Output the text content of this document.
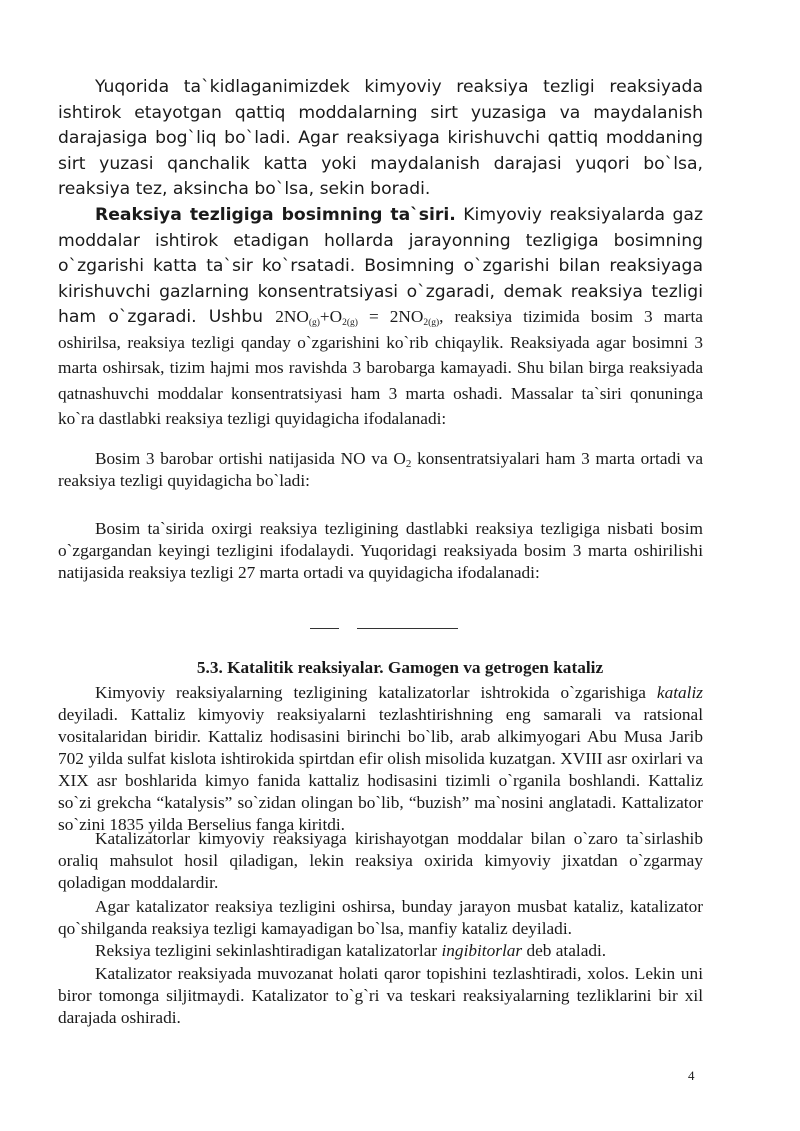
Yuqorida ta`kidlaganimizdek kimyoviy reaksiya tezligi reaksiyada ishtirok etayotgan qattiq moddalarning sirt yuzasiga va maydalanish darajasiga bog`liq bo`ladi. Agar reaksiyaga kirishuvchi qattiq moddaning sirt yuzasi qanchalik katta yoki maydalanish darajasi yuqori bo`lsa, reaksiya tez, aksincha bo`lsa, sekin boradi.

Reaksiya tezligiga bosimning ta`siri. Kimyoviy reaksiyalarda gaz moddalar ishtirok etadigan hollarda jarayonning tezligiga bosimning o`zgarishi katta ta`sir ko`rsatadi. Bosimning o`zgarishi bilan reaksiyaga kirishuvchi gazlarning konsentratsiyasi o`zgaradi, demak reaksiya tezligi ham o`zgaradi. Ushbu $2NO_{(g)}+O_{2(g)} = 2NO_{2(g)}$, reaksiya tizimida bosim 3 marta oshirilsa, reaksiya tezligi qanday o`zgarishini ko`rib chiqaylik. Reaksiyada agar bosimni 3 marta oshirsak, tizim hajmi mos ravishda 3 barobarga kamayadi. Shu bilan birga reaksiyada qatnashuvchi moddalar konsentratsiyasi ham 3 marta oshadi. Massalar ta`siri qonuninga ko`ra dastlabki reaksiya tezligi quyidagicha ifodalanadi:

Bosim 3 barobar ortishi natijasida NO va O2 konsentratsiyalari ham 3 marta ortadi va reaksiya tezligi quyidagicha bo`ladi:

Bosim ta`sirida oxirgi reaksiya tezligining dastlabki reaksiya tezligiga nisbati bosim o`zgargandan keyingi tezligini ifodalaydi. Yuqoridagi reaksiyada bosim 3 marta oshirilishi natijasida reaksiya tezligi 27 marta ortadi va quyidagicha ifodalanadi:

5.3. Katalitik reaksiyalar. Gamogen va getrogen kataliz

Kimyoviy reaksiyalarning tezligining katalizatorlar ishtrokida o`zgarishiga kataliz deyiladi. Kattaliz kimyoviy reaksiyalarni tezlashtirishning eng samarali va ratsional vositalaridan biridir. Kattaliz hodisasini birinchi bo`lib, arab alkimyogari Abu Musa Jarib 702 yilda sulfat kislota ishtirokida spirtdan efir olish misolida kuzatgan. XVIII asr oxirlari va XIX asr boshlarida kimyo fanida kattaliz hodisasini tizimli o`rganila boshlandi. Kattaliz so`zi grekcha “katalysis” so`zidan olingan bo`lib, “buzish” ma`nosini anglatadi. Kattalizator so`zini 1835 yilda Berselius fanga kiritdi.

Katalizatorlar kimyoviy reaksiyaga kirishayotgan moddalar bilan o`zaro ta`sirlashib oraliq mahsulot hosil qiladigan, lekin reaksiya oxirida kimyoviy jixatdan o`zgarmay qoladigan moddalardir.

Agar katalizator reaksiya tezligini oshirsa, bunday jarayon musbat kataliz, katalizator qo`shilganda reaksiya tezligi kamayadigan bo`lsa, manfiy kataliz deyiladi.

Reksiya tezligini sekinlashtiradigan katalizatorlar ingibitorlar deb ataladi.

Katalizator reaksiyada muvozanat holati qaror topishini tezlashtiradi, xolos. Lekin uni biror tomonga siljitmaydi. Katalizator to`g`ri va teskari reaksiyalarning tezliklarini bir xil darajada oshiradi.

4
